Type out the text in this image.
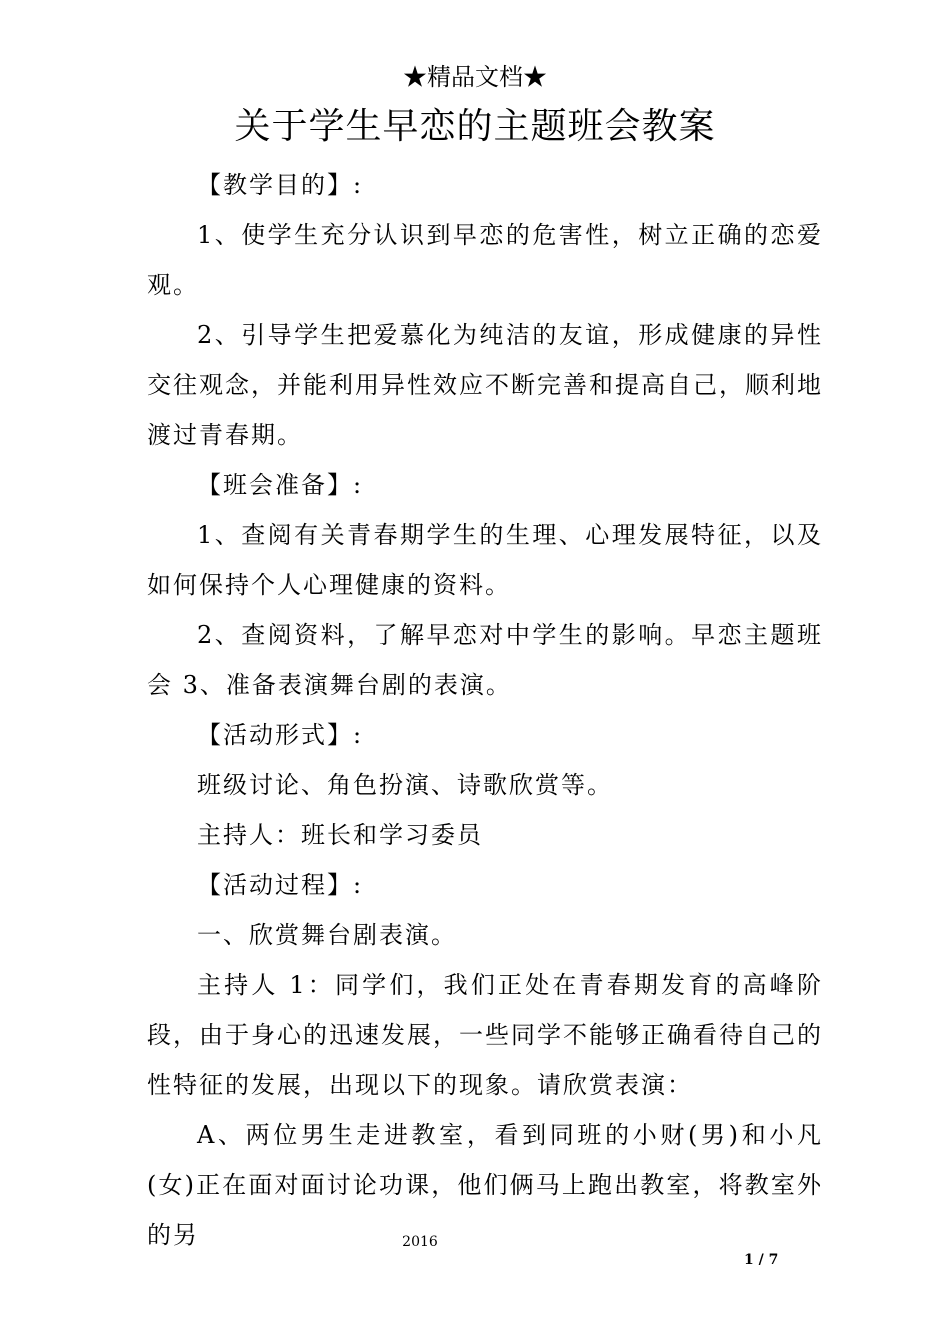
★精品文档★
关于学生早恋的主题班会教案

【教学目的】:

1、使学生充分认识到早恋的危害性，树立正确的恋爱观。

2、引导学生把爱慕化为纯洁的友谊，形成健康的异性交往观念，并能利用异性效应不断完善和提高自己，顺利地渡过青春期。

【班会准备】:

1、查阅有关青春期学生的生理、心理发展特征，以及如何保持个人心理健康的资料。

2、查阅资料，了解早恋对中学生的影响。早恋主题班会 3、准备表演舞台剧的表演。

【活动形式】:

班级讨论、角色扮演、诗歌欣赏等。

主持人：班长和学习委员

【活动过程】:

一、欣赏舞台剧表演。

主持人 1：同学们，我们正处在青春期发育的高峰阶段，由于身心的迅速发展，一些同学不能够正确看待自己的性特征的发展，出现以下的现象。请欣赏表演：

A、两位男生走进教室，看到同班的小财(男)和小凡(女)正在面对面讨论功课，他们俩马上跑出教室，将教室外的另	2016
1 / 7
